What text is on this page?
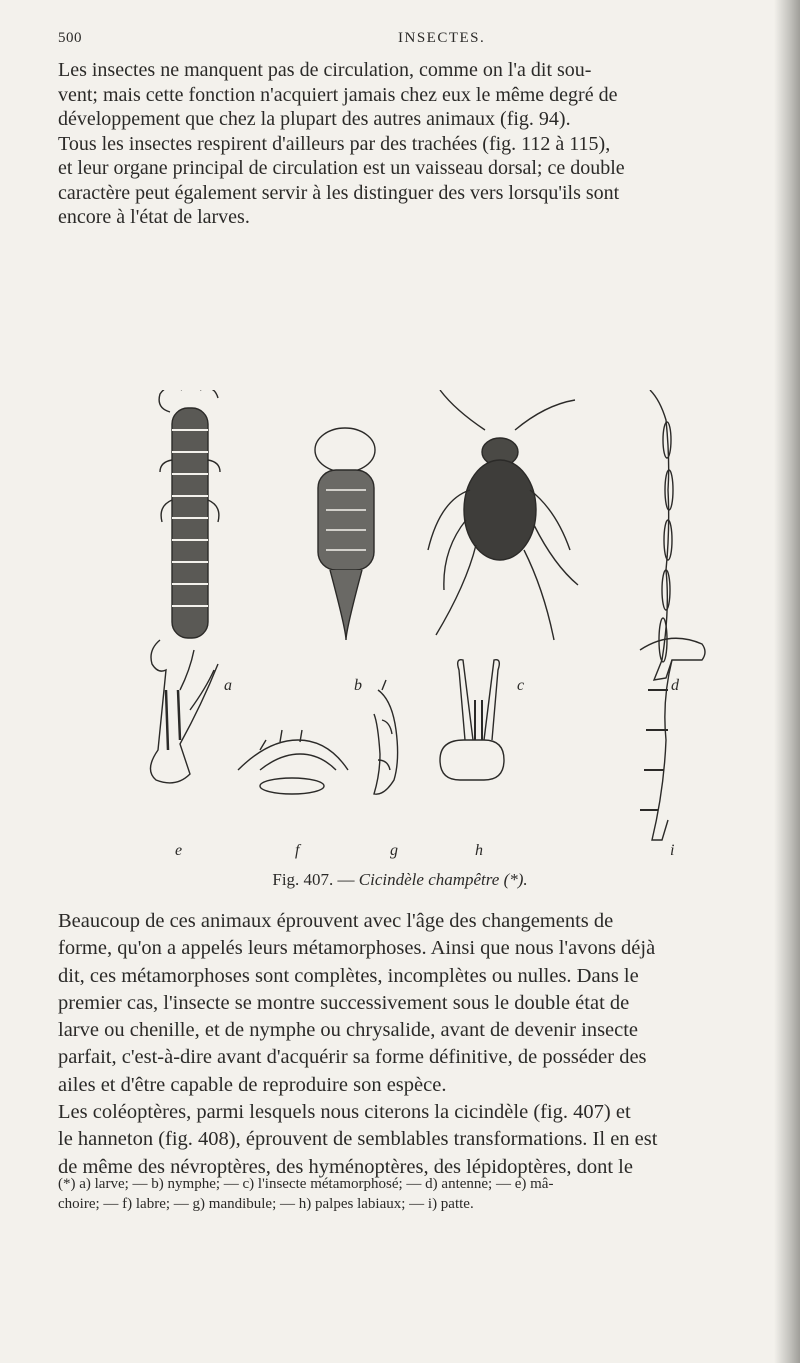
500	INSECTES.

Les insectes ne manquent pas de circulation, comme on l'a dit sou-
vent; mais cette fonction n'acquiert jamais chez eux le même degré de
développement que chez la plupart des autres animaux (fig. 94).
Tous les insectes respirent d'ailleurs par des trachées (fig. 112 à 115),
et leur organe principal de circulation est un vaisseau dorsal; ce double
caractère peut également servir à les distinguer des vers lorsqu'ils sont
encore à l'état de larves.

a	b	c	d
e	f	g	h	i
Fig. 407. — Cicindèle champêtre (*).

Beaucoup de ces animaux éprouvent avec l'âge des changements de
forme, qu'on a appelés leurs métamorphoses. Ainsi que nous l'avons déjà
dit, ces métamorphoses sont complètes, incomplètes ou nulles. Dans le
premier cas, l'insecte se montre successivement sous le double état de
larve ou chenille, et de nymphe ou chrysalide, avant de devenir insecte
parfait, c'est-à-dire avant d'acquérir sa forme définitive, de posséder des
ailes et d'être capable de reproduire son espèce.
Les coléoptères, parmi lesquels nous citerons la cicindèle (fig. 407) et
le hanneton (fig. 408), éprouvent de semblables transformations. Il en est
de même des névroptères, des hyménoptères, des lépidoptères, dont le

(*) a) larve; — b) nymphe; — c) l'insecte métamorphosé; — d) antenne; — e) mâ-
choire; — f) labre; — g) mandibule; — h) palpes labiaux; — i) patte.
